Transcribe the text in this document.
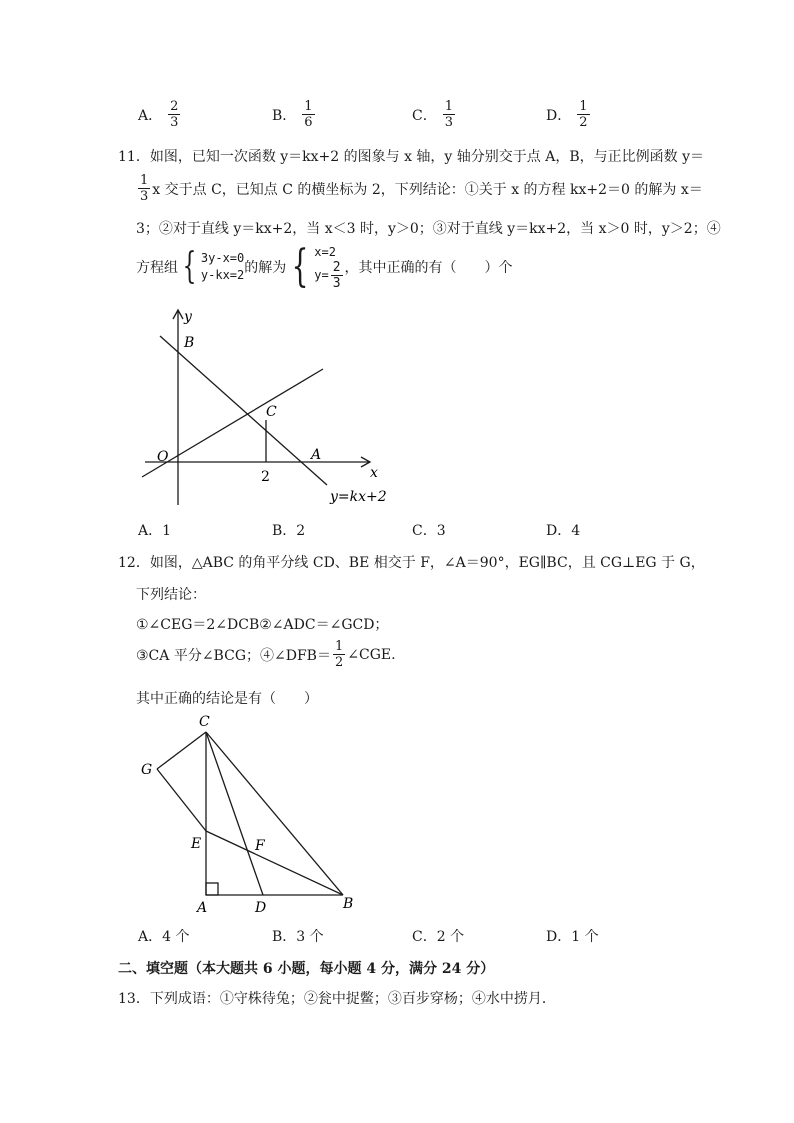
A． $\frac{2}{3}$	B． $\frac{1}{6}$	C． $\frac{1}{3}$	D． $\frac{1}{2}$
11．如图，已知一次函数 y＝kx+2 的图象与 x 轴，y 轴分别交于点 A，B，与正比例函数 y＝
$\frac{1}{3}$ x 交于点 C，已知点 C 的横坐标为 2，下列结论：①关于 x 的方程 kx+2＝0 的解为 x＝
3；②对于直线 y＝kx+2，当 x＜3 时，y＞0；③对于直线 y＝kx+2，当 x＞0 时，y＞2；④
方程组 { 3y-x=0
y-kx=2 的解为 { x=2
$y= \frac{2}{3}$ ，其中正确的有（　　）个
y
x
B
C
O	A
2
y=kx+2
A．1	B．2	C．3	D．4
12．如图，△ABC 的角平分线 CD、BE 相交于 F，∠A＝90°，EG∥BC，且 CG⊥EG 于 G，
下列结论：
①∠CEG＝2∠DCB②∠ADC＝∠GCD；
③CA 平分∠BCG；④∠DFB＝ $\frac{1}{2}$ ∠CGE.
其中正确的结论是有（　　）
C
G
E	F
A	D	B
A．4 个	B．3 个	C．2 个	D．1 个
二、填空题（本大题共 6 小题，每小题 4 分，满分 24 分）
13．下列成语：①守株待兔；②瓮中捉鳖；③百步穿杨；④水中捞月．
